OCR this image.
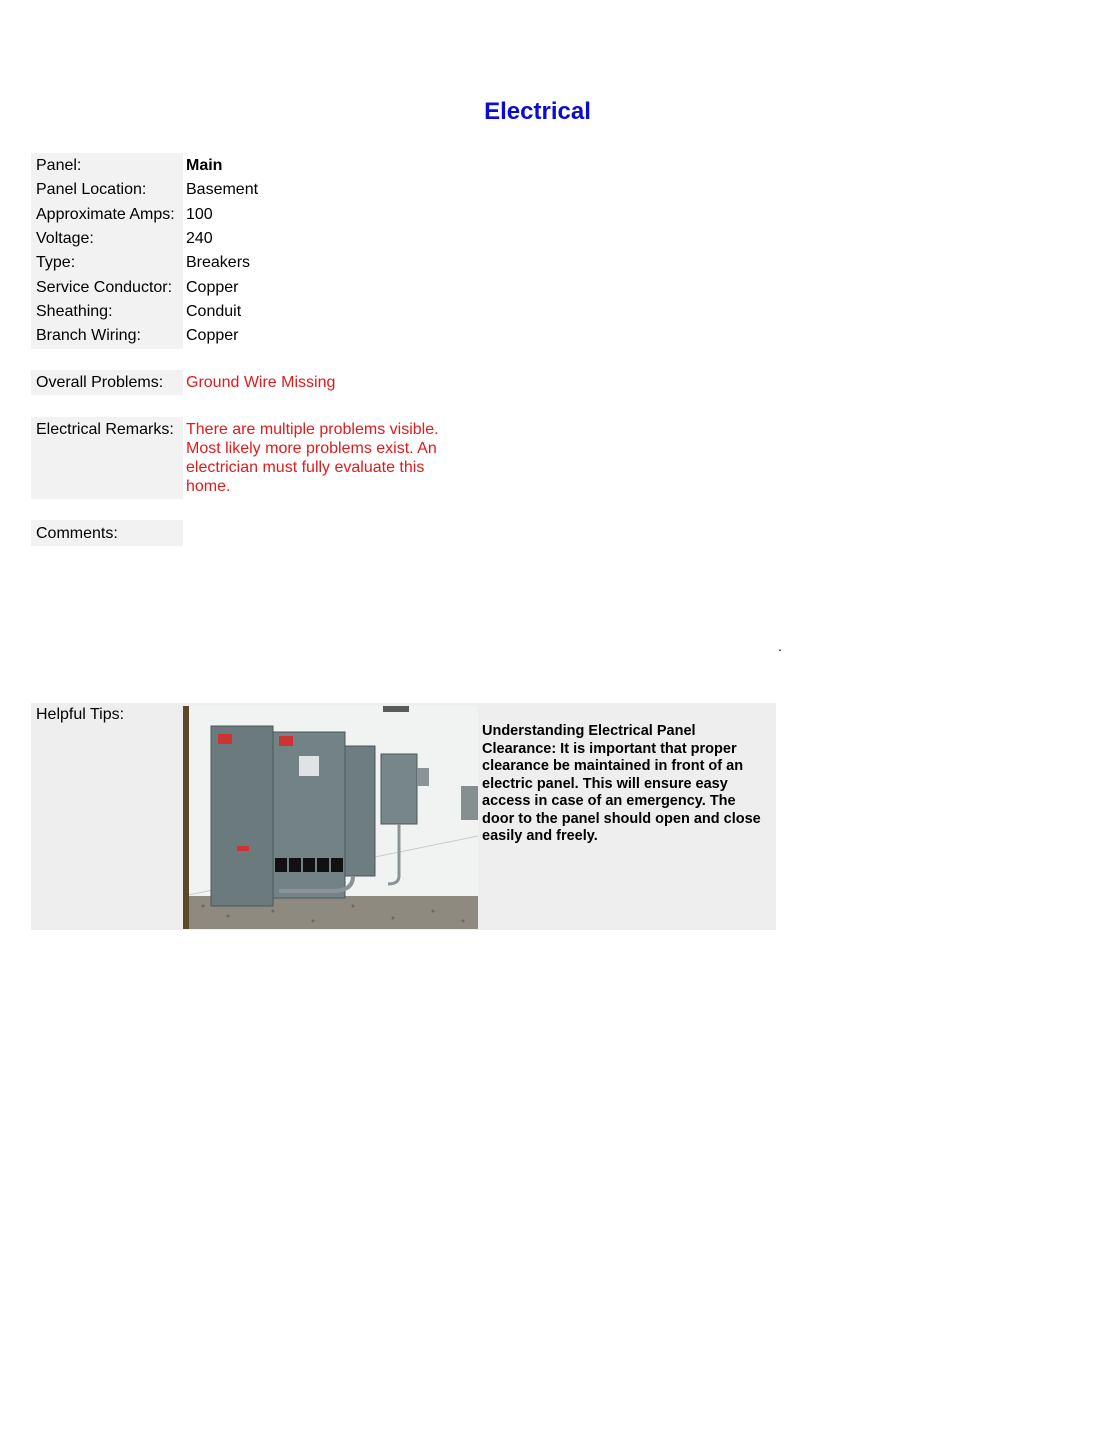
Electrical
Panel:	Main
Panel Location: Basement
Approximate Amps: 100
Voltage:	240
Type:	Breakers
Service Conductor: Copper
Sheathing:	Conduit
Branch Wiring:	Copper
Overall Problems: Ground Wire Missing
Electrical Remarks: There are multiple problems visible. Most likely more problems exist. An electrician must fully evaluate this home.
Comments:
.
Helpful Tips:
Understanding Electrical Panel Clearance: It is important that proper clearance be maintained in front of an electric panel. This will ensure easy access in case of an emergency. The door to the panel should open and close easily and freely.
